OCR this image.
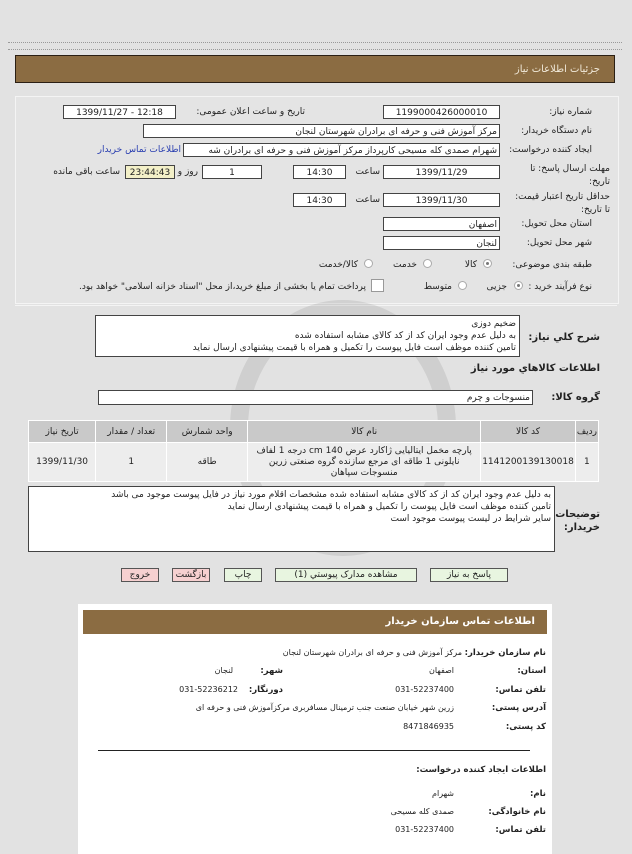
جزئیات اطلاعات نیاز
شماره نیاز:
1199000426000010
تاریخ و ساعت اعلان عمومی:
1399/11/27 - 12:18
نام دستگاه خریدار:
مرکز آموزش فنی و حرفه ای برادران شهرستان لنجان
ایجاد کننده درخواست:
شهرام صمدی کله مسیحی کارپرداز مرکز آموزش فنی و حرفه ای برادران شه
اطلاعات تماس خریدار
مهلت ارسال پاسخ: تا تاریخ:
1399/11/29
ساعت
14:30
1
روز و
23:44:43
ساعت باقی مانده
حداقل تاریخ اعتبار قیمت: تا تاریخ:
1399/11/30
ساعت
14:30
استان محل تحویل:
اصفهان
شهر محل تحویل:
لنجان
طبقه بندی موضوعی:
کالا
خدمت
کالا/خدمت
نوع فرآیند خرید :
جزیی
متوسط
پرداخت تمام یا بخشی از مبلغ خرید،از محل "اسناد خزانه اسلامی" خواهد بود.
ضخیم دوزی
به دلیل عدم وجود ایران کد از کد کالای مشابه استفاده شده
تامین کننده موظف است فایل پیوست را تکمیل و همراه با قیمت پیشنهادی ارسال نماید
شرح کلي نياز:
اطلاعات كالاهاي مورد نياز
گروه کالا:
منسوجات و چرم
ردیف	کد کالا	نام کالا	واحد شمارش	تعداد / مقدار	تاریخ نیاز
1	1141200139130018	پارچه مخمل ایتالیایی ژاکارد عرض 140 cm درجه 1 لفاف نایلونی 1 طاقه ای مرجع سازنده گروه صنعتی زرین منسوجات سپاهان	طاقه	1	1399/11/30
توضیحات خریدار:
به دلیل عدم وجود ایران کد از کد کالای مشابه استفاده شده مشخصات اقلام مورد نیاز در فایل پیوست موجود می باشد
تامین کننده موظف است فایل پیوست را تکمیل و همراه با قیمت پیشنهادی ارسال نماید
سایر شرایط در لیست پیوست موجود است
پاسخ به نیاز
مشاهده مدارک پیوستي (1)
چاپ
بازگشت
خروج
اطلاعات تماس سازمان خریدار
نام سازمان خریدار:
مرکز آموزش فنی و حرفه ای برادران شهرستان لنجان
استان:
اصفهان
شهر:
لنجان
تلفن تماس:
031-52237400
دورنگار:
031-52236212
آدرس پستی:
زرین شهر خیابان صنعت جنب ترمینال مسافربری مرکزآموزش فنی و حرفه ای
کد پستی:
8471846935
اطلاعات ایجاد کننده درخواست:
نام:
شهرام
نام خانوادگی:
صمدی کله مسیحی
تلفن تماس:
031-52237400
